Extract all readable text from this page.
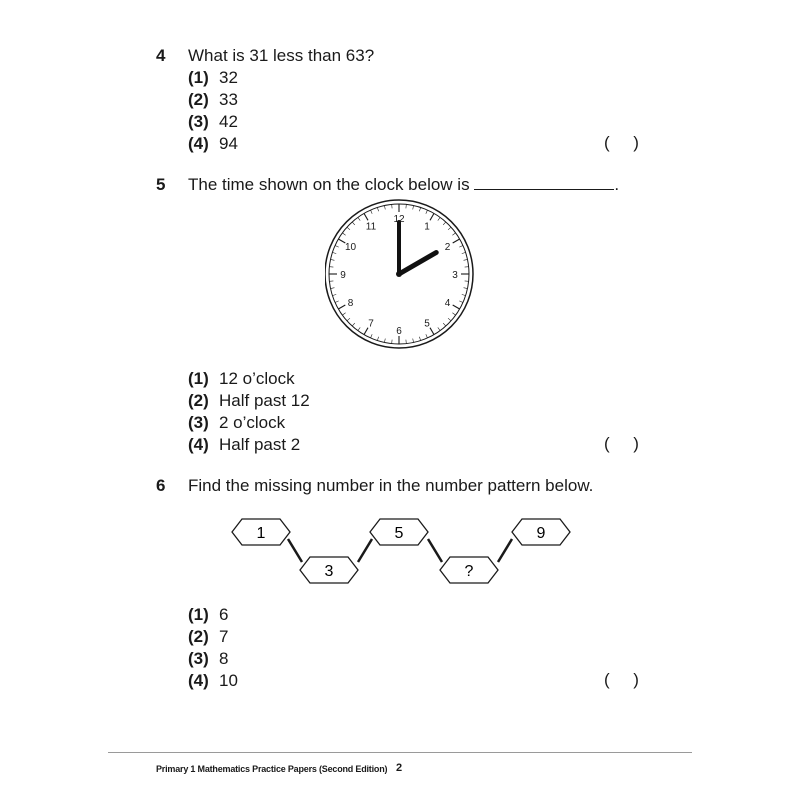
4 What is 31 less than 63?
(1) 32
(2) 33
(3) 42
(4) 94	(     )
5 The time shown on the clock below is	.
12
1
2
3
4
5
6
7
8
9
10
11
(1) 12 o’clock
(2) Half past 12
(3) 2 o’clock
(4) Half past 2	(     )
6 Find the missing number in the number pattern below.
1
3
5
?
9
(1) 6
(2) 7
(3) 8
(4) 10	(     )
Primary 1 Mathematics Practice Papers (Second Edition) 2
